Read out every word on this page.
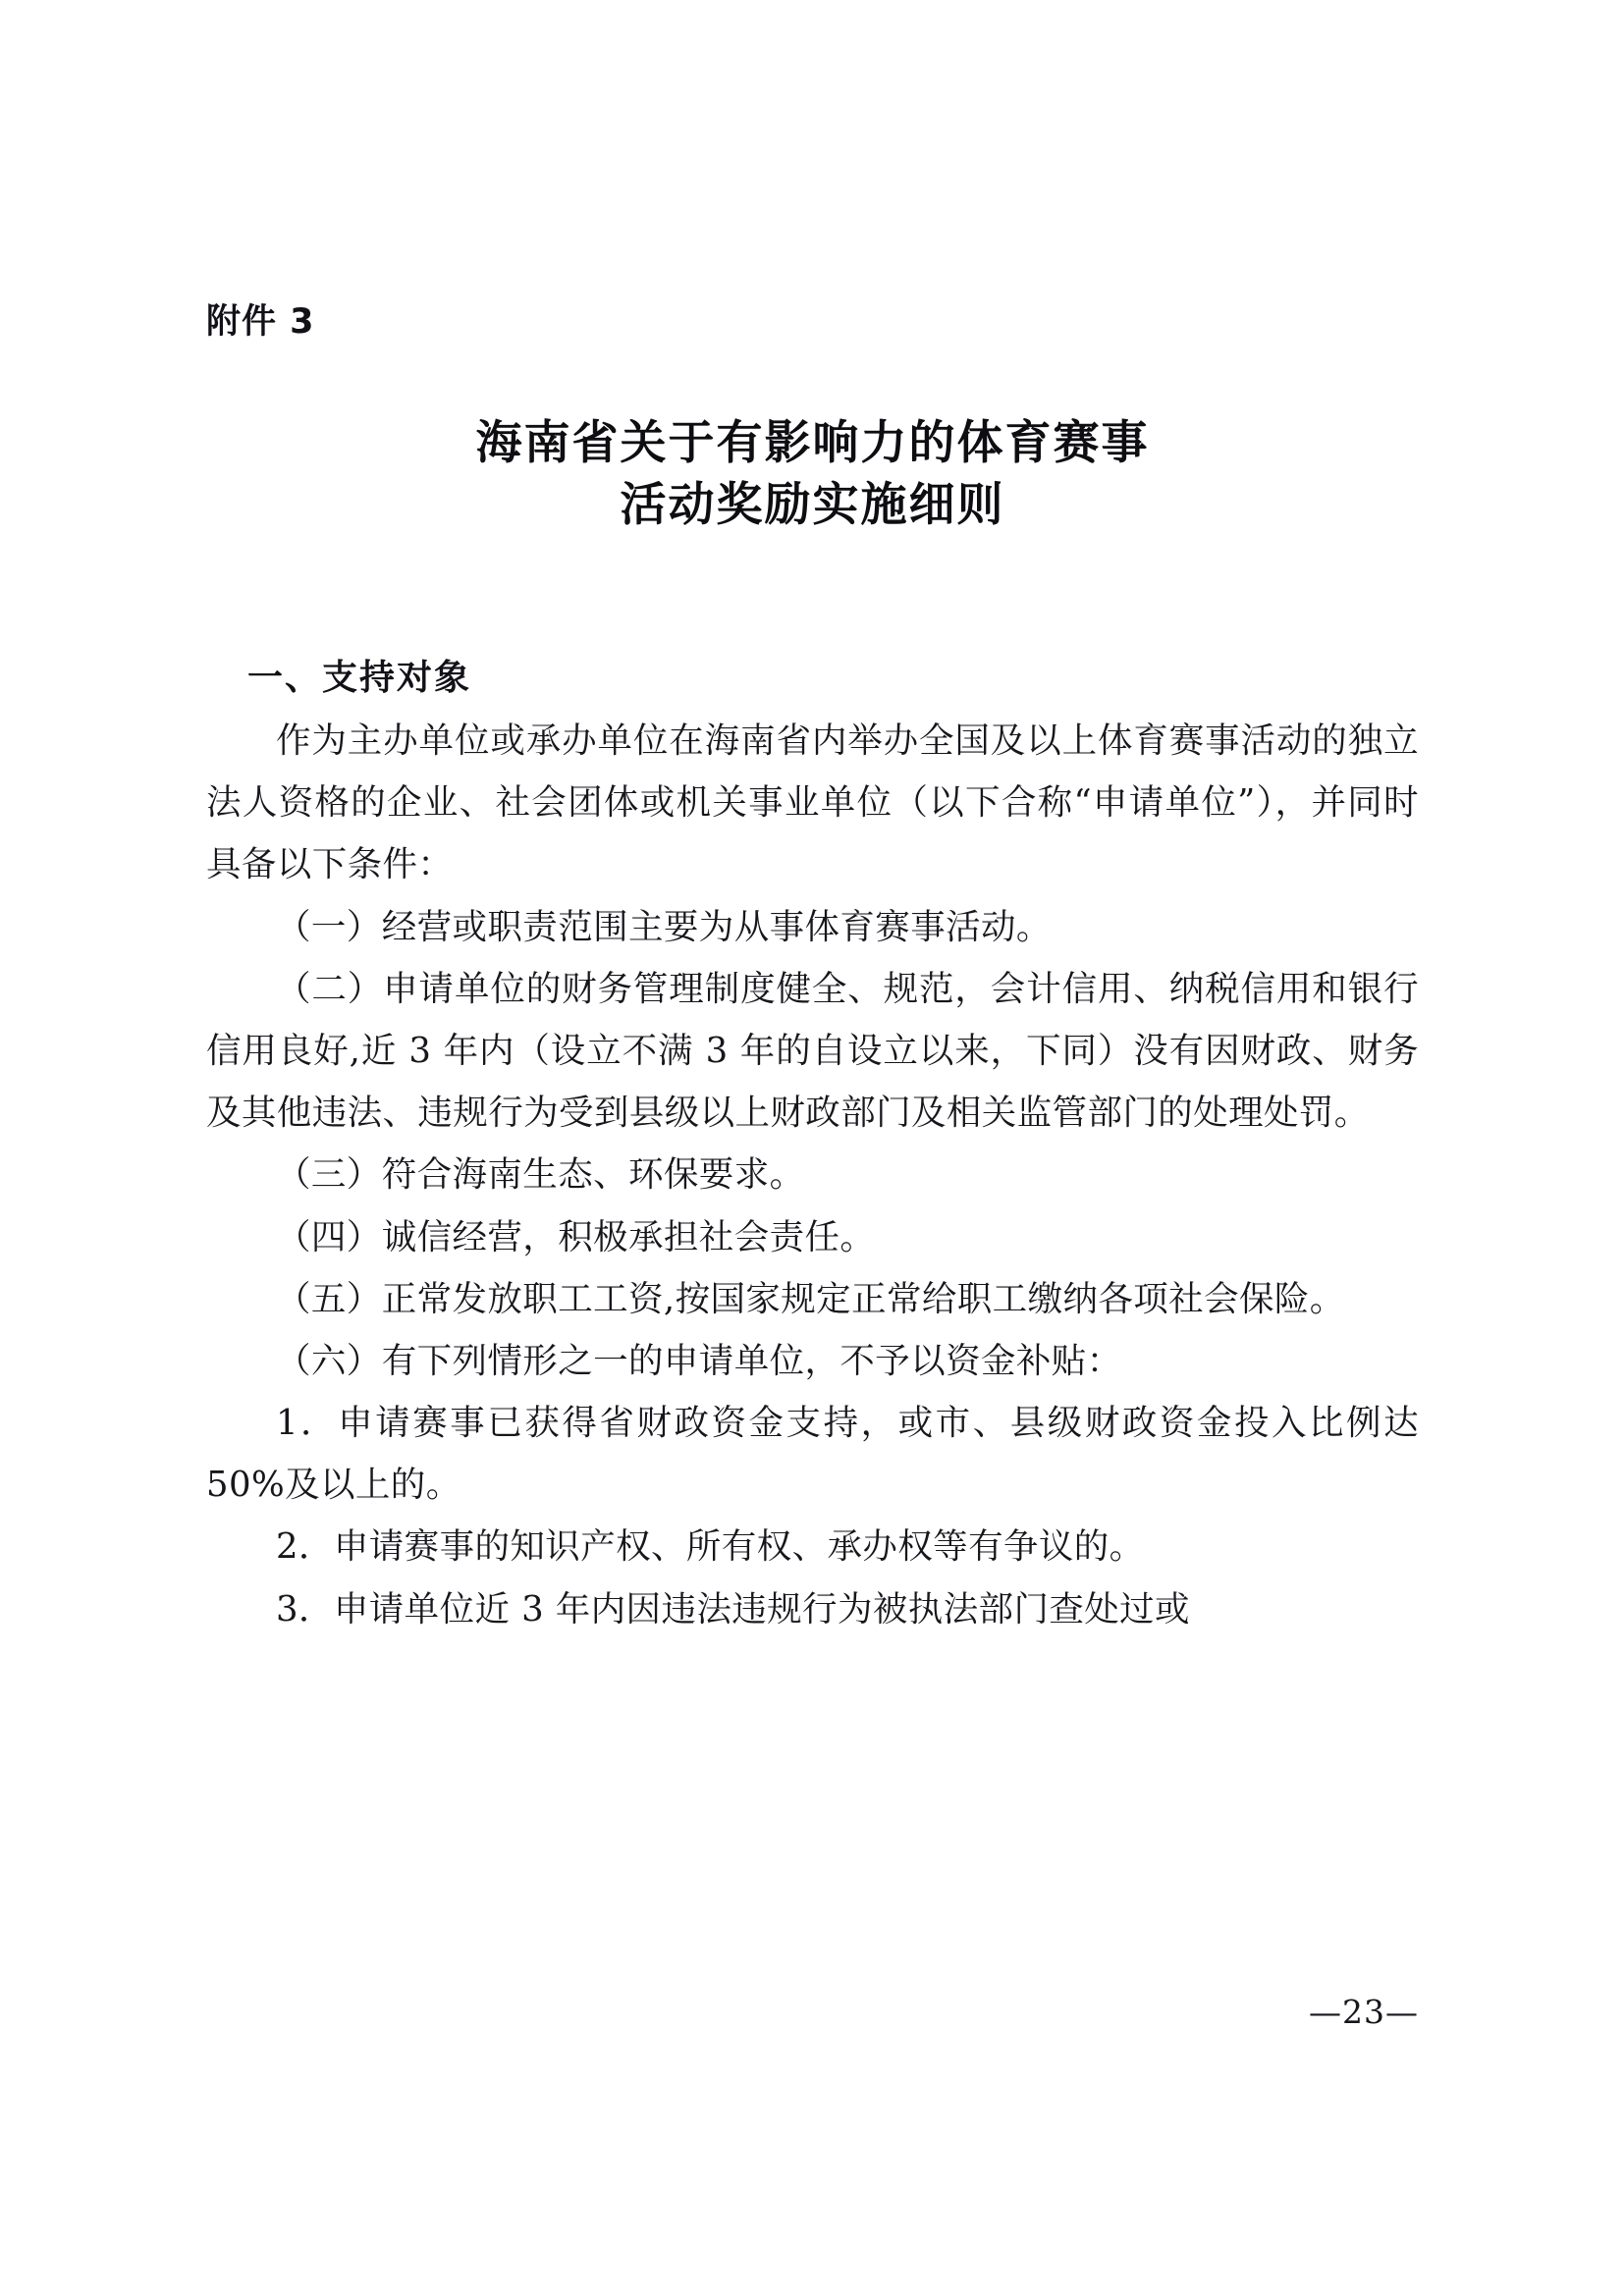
附件 3
海南省关于有影响力的体育赛事
活动奖励实施细则
一、支持对象

作为主办单位或承办单位在海南省内举办全国及以上体育赛事活动的独立法人资格的企业、社会团体或机关事业单位（以下合称“申请单位”），并同时具备以下条件：

（一）经营或职责范围主要为从事体育赛事活动。

（二）申请单位的财务管理制度健全、规范，会计信用、纳税信用和银行信用良好,近 3 年内（设立不满 3 年的自设立以来，下同）没有因财政、财务及其他违法、违规行为受到县级以上财政部门及相关监管部门的处理处罚。

（三）符合海南生态、环保要求。

（四）诚信经营，积极承担社会责任。

（五）正常发放职工工资,按国家规定正常给职工缴纳各项社会保险。

（六）有下列情形之一的申请单位，不予以资金补贴：

1．申请赛事已获得省财政资金支持，或市、县级财政资金投入比例达 50%及以上的。

2．申请赛事的知识产权、所有权、承办权等有争议的。

3．申请单位近 3 年内因违法违规行为被执法部门查处过或

—23—
